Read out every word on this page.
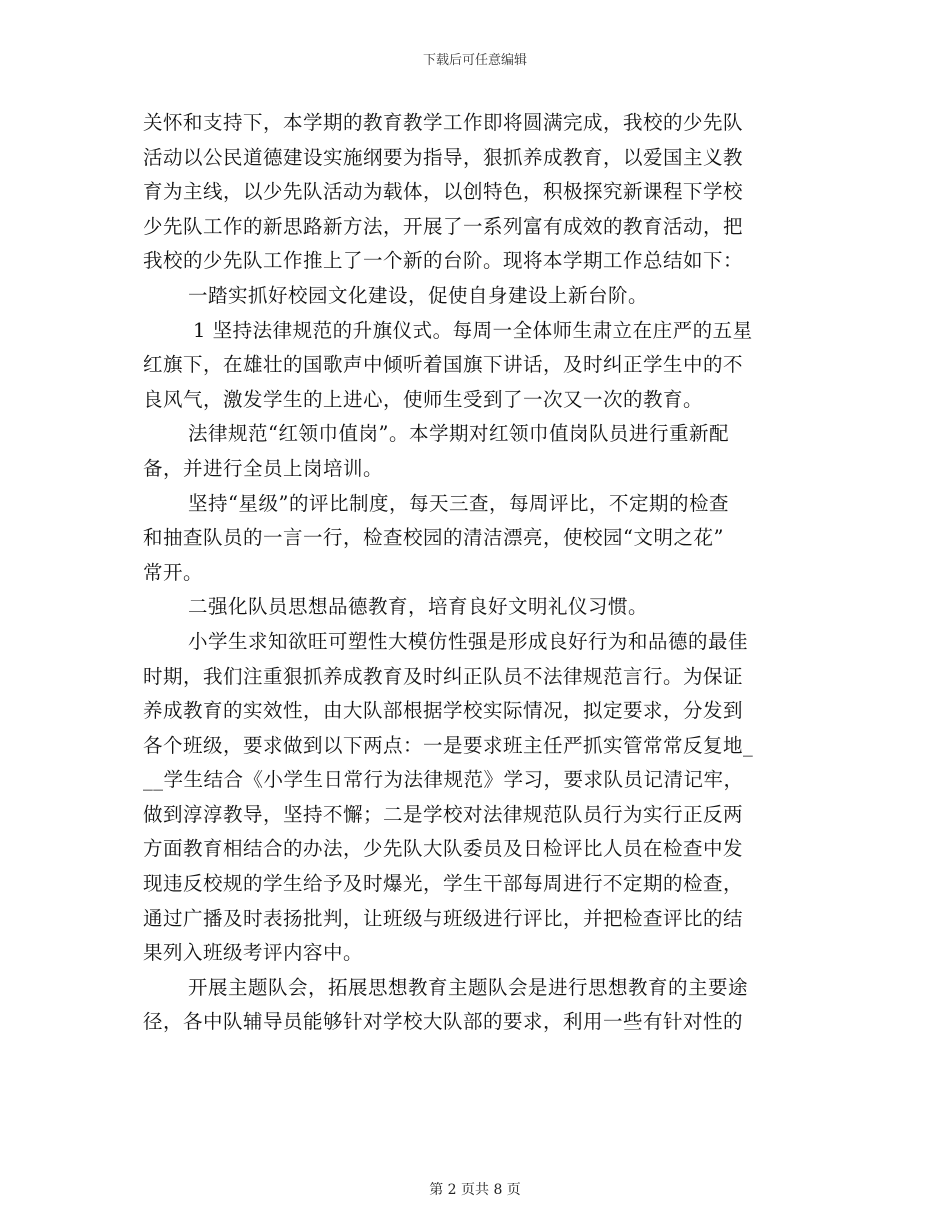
下载后可任意编辑
关怀和支持下，本学期的教育教学工作即将圆满完成，我校的少先队
活动以公民道德建设实施纲要为指导，狠抓养成教育，以爱国主义教
育为主线，以少先队活动为载体，以创特色，积极探究新课程下学校
少先队工作的新思路新方法，开展了一系列富有成效的教育活动，把
我校的少先队工作推上了一个新的台阶。现将本学期工作总结如下：
一踏实抓好校园文化建设，促使自身建设上新台阶。
1 坚持法律规范的升旗仪式。每周一全体师生肃立在庄严的五星
红旗下，在雄壮的国歌声中倾听着国旗下讲话，及时纠正学生中的不
良风气，激发学生的上进心，使师生受到了一次又一次的教育。
法律规范“红领巾值岗”。本学期对红领巾值岗队员进行重新配
备，并进行全员上岗培训。
坚持“星级”的评比制度，每天三查，每周评比，不定期的检查
和抽查队员的一言一行，检查校园的清洁漂亮，使校园“文明之花”
常开。
二强化队员思想品德教育，培育良好文明礼仪习惯。
小学生求知欲旺可塑性大模仿性强是形成良好行为和品德的最佳
时期，我们注重狠抓养成教育及时纠正队员不法律规范言行。为保证
养成教育的实效性，由大队部根据学校实际情况，拟定要求，分发到
各个班级，要求做到以下两点：一是要求班主任严抓实管常常反复地_
__学生结合《小学生日常行为法律规范》学习，要求队员记清记牢，
做到淳淳教导，坚持不懈；二是学校对法律规范队员行为实行正反两
方面教育相结合的办法，少先队大队委员及日检评比人员在检查中发
现违反校规的学生给予及时爆光，学生干部每周进行不定期的检查，
通过广播及时表扬批判，让班级与班级进行评比，并把检查评比的结
果列入班级考评内容中。
开展主题队会，拓展思想教育主题队会是进行思想教育的主要途
径，各中队辅导员能够针对学校大队部的要求，利用一些有针对性的
第 2 页共 8 页
